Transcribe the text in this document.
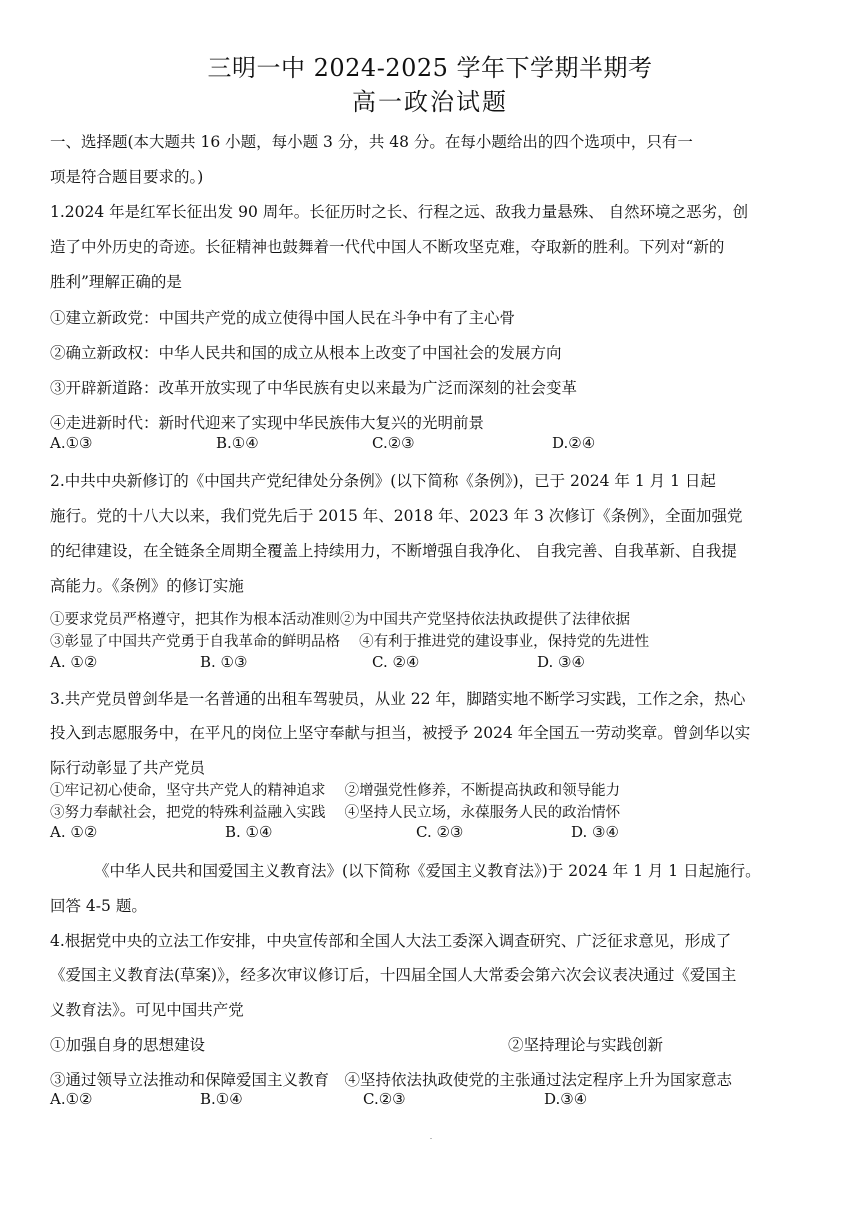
三明一中 2024-2025 学年下学期半期考
高一政治试题
一、选择题(本大题共 16 小题，每小题 3 分，共 48 分。在每小题给出的四个选项中，只有一
项是符合题目要求的。)
1.2024 年是红军长征出发 90 周年。长征历时之长、行程之远、敌我力量悬殊、 自然环境之恶劣，创
造了中外历史的奇迹。长征精神也鼓舞着一代代中国人不断攻坚克难，夺取新的胜利。下列对“新的
胜利”理解正确的是
①建立新政党：中国共产党的成立使得中国人民在斗争中有了主心骨
②确立新政权：中华人民共和国的成立从根本上改变了中国社会的发展方向
③开辟新道路：改革开放实现了中华民族有史以来最为广泛而深刻的社会变革
④走进新时代：新时代迎来了实现中华民族伟大复兴的光明前景
A.①③	B.①④	C.②③	D.②④
2.中共中央新修订的《中国共产党纪律处分条例》(以下简称《条例》)，已于 2024 年 1 月 1 日起
施行。党的十八大以来，我们党先后于 2015 年、2018 年、2023 年 3 次修订《条例》，全面加强党
的纪律建设，在全链条全周期全覆盖上持续用力，不断增强自我净化、 自我完善、自我革新、自我提
高能力。《条例》的修订实施
①要求党员严格遵守，把其作为根本活动准则②为中国共产党坚持依法执政提供了法律依据
③彰显了中国共产党勇于自我革命的鲜明品格　 ④有利于推进党的建设事业，保持党的先进性
A. ①②	B. ①③	C. ②④	D. ③④
3.共产党员曾剑华是一名普通的出租车驾驶员，从业 22 年，脚踏实地不断学习实践，工作之余，热心
投入到志愿服务中，在平凡的岗位上坚守奉献与担当，被授予 2024 年全国五一劳动奖章。曾剑华以实
际行动彰显了共产党员
①牢记初心使命，坚守共产党人的精神追求　 ②增强党性修养，不断提高执政和领导能力
③努力奉献社会，把党的特殊利益融入实践　 ④坚持人民立场，永葆服务人民的政治情怀
A. ①②	B. ①④	C. ②③	D. ③④
《中华人民共和国爱国主义教育法》(以下简称《爱国主义教育法》)于 2024 年 1 月 1 日起施行。
回答 4-5 题。
4.根据党中央的立法工作安排，中央宣传部和全国人大法工委深入调查研究、广泛征求意见，形成了
《爱国主义教育法(草案)》，经多次审议修订后，十四届全国人大常委会第六次会议表决通过《爱国主
义教育法》。可见中国共产党
①加强自身的思想建设	②坚持理论与实践创新
③通过领导立法推动和保障爱国主义教育　④坚持依法执政使党的主张通过法定程序上升为国家意志
A.①②	B.①④	C.②③	D.③④
